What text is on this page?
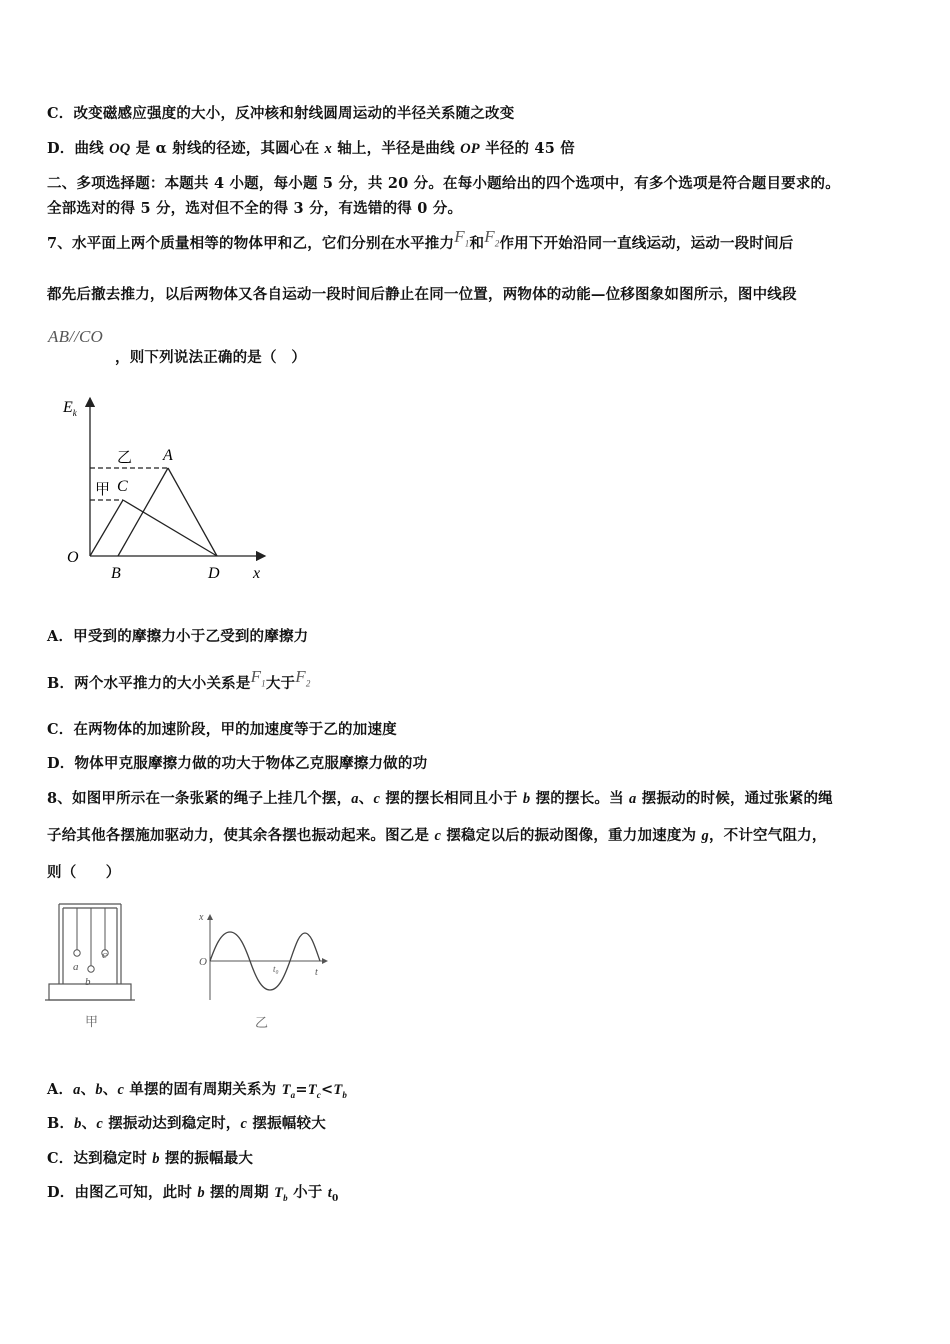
C．改变磁感应强度的大小，反冲核和射线圆周运动的半径关系随之改变
D．曲线 OQ 是 α 射线的径迹，其圆心在 x 轴上，半径是曲线 OP 半径的 45 倍
二、多项选择题：本题共 4 小题，每小题 5 分，共 20 分。在每小题给出的四个选项中，有多个选项是符合题目要求的。
全部选对的得 5 分，选对但不全的得 3 分，有选错的得 0 分。
7、水平面上两个质量相等的物体甲和乙，它们分别在水平推力$F_1$和$F_2$作用下开始沿同一直线运动，运动一段时间后
都先后撤去推力，以后两物体又各自运动一段时间后静止在同一位置，两物体的动能—位移图象如图所示，图中线段
AB//CO
，则下列说法正确的是（　）
$E_k$
x
O
B	D
A
C
乙
甲
A．甲受到的摩擦力小于乙受到的摩擦力
B．两个水平推力的大小关系是$F_1$大于$F_2$
C．在两物体的加速阶段，甲的加速度等于乙的加速度
D．物体甲克服摩擦力做的功大于物体乙克服摩擦力做的功
8、如图甲所示在一条张紧的绳子上挂几个摆，a、c 摆的摆长相同且小于 b 摆的摆长。当 a 摆振动的时候，通过张紧的绳
子给其他各摆施加驱动力，使其余各摆也振动起来。图乙是 c 摆稳定以后的振动图像，重力加速度为 g，不计空气阻力，
则（　　）
a
b
c
甲
x
O
t
t₀
乙
A．a、b、c 单摆的固有周期关系为 $T_a=T_c<T_b$
B．b、c 摆振动达到稳定时，c 摆振幅较大
C．达到稳定时 b 摆的振幅最大
D．由图乙可知，此时 b 摆的周期 $T_b$ 小于 $t_0$
